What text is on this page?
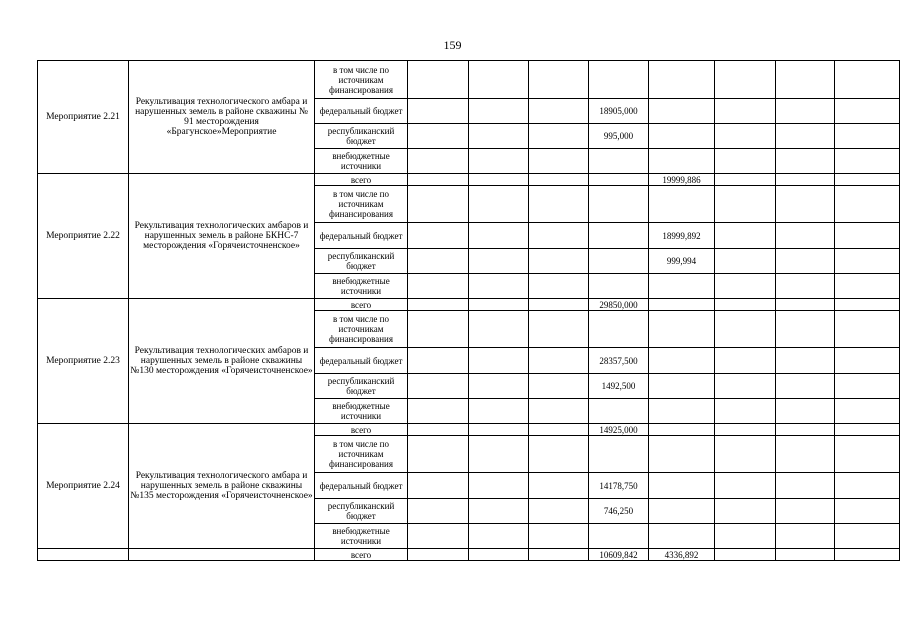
159
Мероприятие 2.21	Рекультивация технологического амбара и нарушенных земель в районе скважины № 91 месторождения «Брагунское»Мероприятие	в том числе по источникам финансирования								
		федеральный бюджет				18905,000				
		республиканский бюджет				995,000				
		внебюджетные источники								
Мероприятие 2.22	Рекультивация технологических амбаров и нарушенных земель в районе БКНС-7 месторождения «Горячеисточненское»	всего					19999,886			
		в том числе по источникам финансирования								
		федеральный бюджет					18999,892			
		республиканский бюджет					999,994			
		внебюджетные источники								
Мероприятие 2.23	Рекультивация технологических амбаров и нарушенных земель в районе скважины №130 месторождения «Горячеисточненское»	всего				29850,000				
		в том числе по источникам финансирования								
		федеральный бюджет				28357,500				
		республиканский бюджет				1492,500				
		внебюджетные источники								
Мероприятие 2.24	Рекультивация технологического амбара и нарушенных земель в районе скважины №135 месторождения «Горячеисточненское»	всего				14925,000				
		в том числе по источникам финансирования								
		федеральный бюджет				14178,750				
		республиканский бюджет				746,250				
		внебюджетные источники								
		всего				10609,842	4336,892			
